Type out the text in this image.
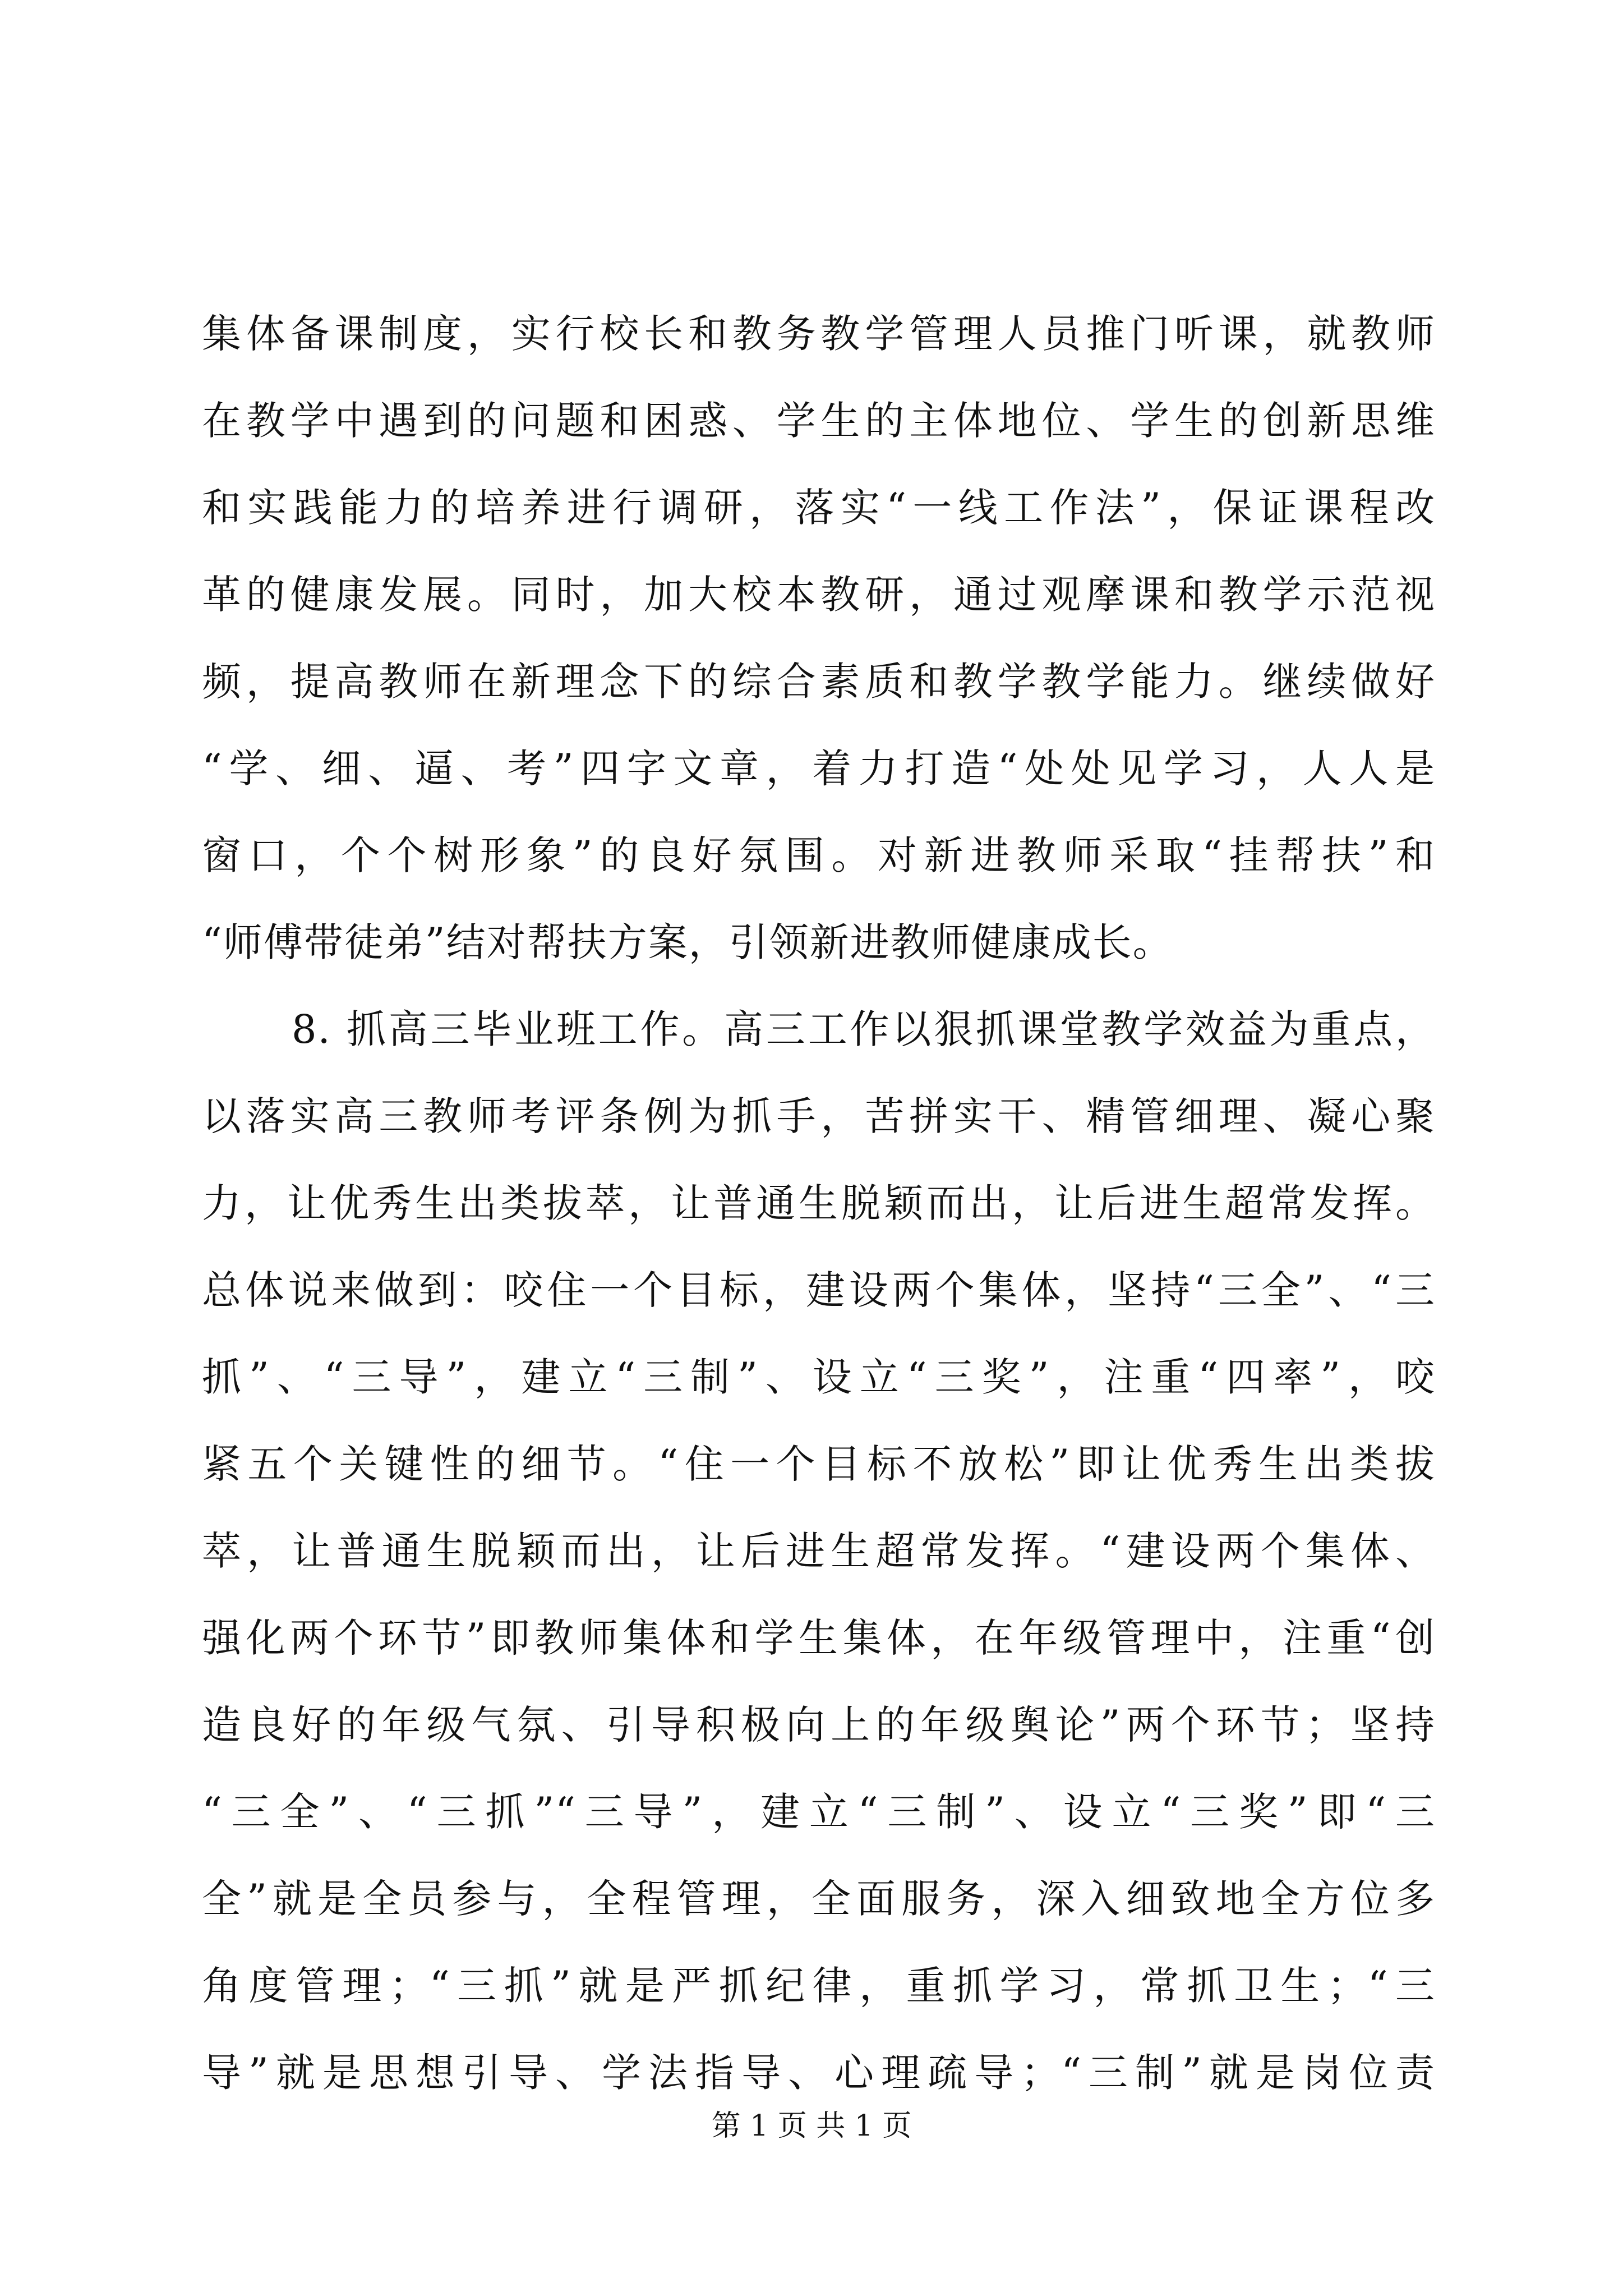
集体备课制度，实行校长和教务教学管理人员推门听课，就教师
在教学中遇到的问题和困惑、学生的主体地位、学生的创新思维
和实践能力的培养进行调研，落实“一线工作法”，保证课程改
革的健康发展。同时，加大校本教研，通过观摩课和教学示范视
频，提高教师在新理念下的综合素质和教学教学能力。继续做好
“学、细、逼、考”四字文章，着力打造“处处见学习，人人是
窗口，个个树形象”的良好氛围。对新进教师采取“挂帮扶”和
“师傅带徒弟”结对帮扶方案，引领新进教师健康成长。
8. 抓高三毕业班工作。高三工作以狠抓课堂教学效益为重点，
以落实高三教师考评条例为抓手，苦拼实干、精管细理、凝心聚
力，让优秀生出类拔萃，让普通生脱颖而出，让后进生超常发挥。
总体说来做到：咬住一个目标，建设两个集体，坚持“三全”、“三
抓”、“三导”，建立“三制”、设立“三奖”，注重“四率”，咬
紧五个关键性的细节。“住一个目标不放松”即让优秀生出类拔
萃，让普通生脱颖而出，让后进生超常发挥。“建设两个集体、
强化两个环节”即教师集体和学生集体，在年级管理中，注重“创
造良好的年级气氛、引导积极向上的年级舆论”两个环节；坚持
“三全”、“三抓”“三导”，建立“三制”、设立“三奖”即“三
全”就是全员参与，全程管理，全面服务，深入细致地全方位多
角度管理；“三抓”就是严抓纪律，重抓学习，常抓卫生；“三
导”就是思想引导、学法指导、心理疏导；“三制”就是岗位责
第 1 页 共 1 页
